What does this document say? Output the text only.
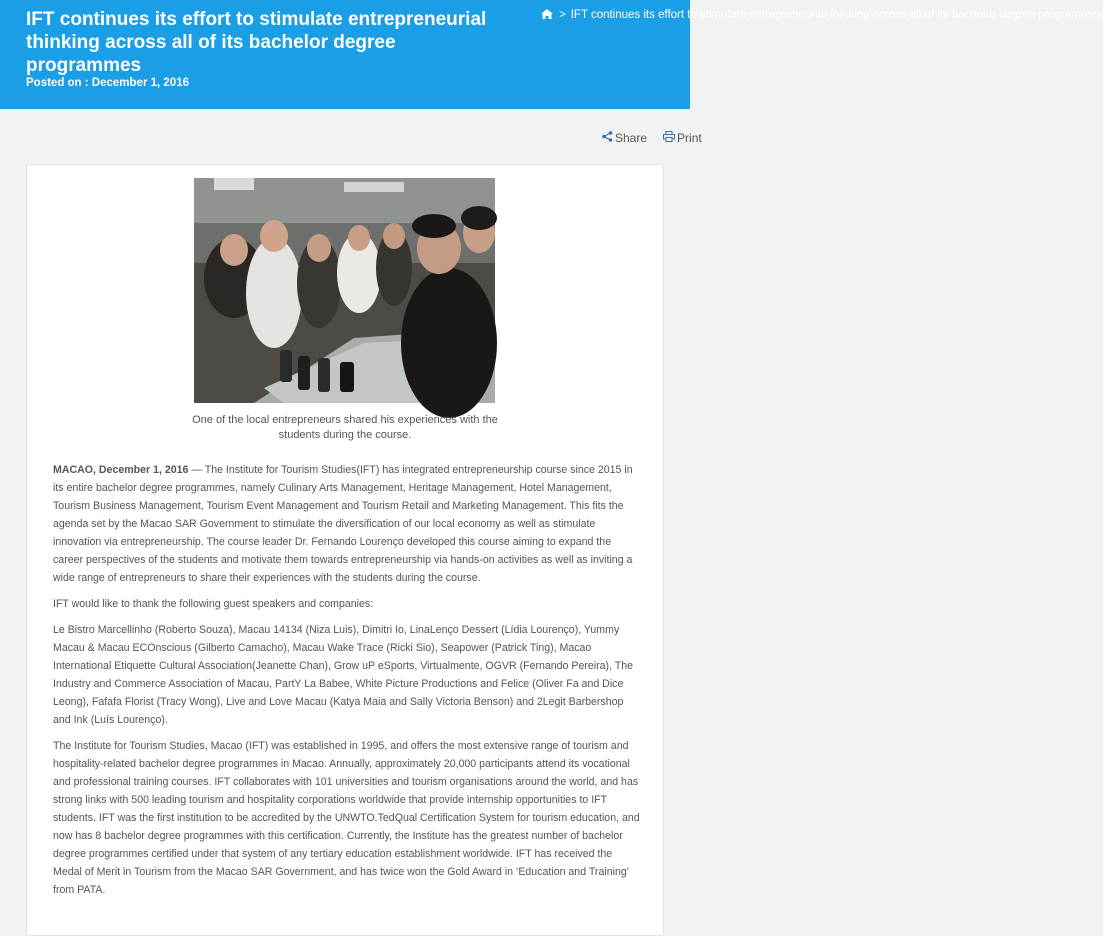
IFT continues its effort to stimulate entrepreneurial thinking across all of its bachelor degree programmes
Posted on : December 1, 2016
> IFT continues its effort to stimulate entrepreneurial thinking across all of its bachelor degree programmes
Share	Print
One of the local entrepreneurs shared his experiences with the students during the course.

MACAO, December 1, 2016 — The Institute for Tourism Studies(IFT) has integrated entrepreneurship course since 2015 in its entire bachelor degree programmes, namely Culinary Arts Management, Heritage Management, Hotel Management, Tourism Business Management, Tourism Event Management and Tourism Retail and Marketing Management. This fits the agenda set by the Macao SAR Government to stimulate the diversification of our local economy as well as stimulate innovation via entrepreneurship. The course leader Dr. Fernando Lourenço developed this course aiming to expand the career perspectives of the students and motivate them towards entrepreneurship via hands-on activities as well as inviting a wide range of entrepreneurs to share their experiences with the students during the course.

IFT would like to thank the following guest speakers and companies:

Le Bistro Marcellinho (Roberto Souza), Macau 14134 (Niza Luis), Dimitri Io, LinaLenço Dessert (Lídia Lourenço), Yummy Macau & Macau ECOnscious (Gilberto Camacho), Macau Wake Trace (Ricki Sio), Seapower (Patrick Ting), Macao International Etiquette Cultural Association(Jeanette Chan), Grow uP eSports, Virtualmente, OGVR (Fernando Pereira), The Industry and Commerce Association of Macau, PartY La Babee, White Picture Productions and Felice (Oliver Fa and Dice Leong), Fafafa Florist (Tracy Wong), Live and Love Macau (Katya Maia and Sally Victoria Benson) and 2Legit Barbershop and Ink (Luís Lourenço).

The Institute for Tourism Studies, Macao (IFT) was established in 1995, and offers the most extensive range of tourism and hospitality-related bachelor degree programmes in Macao. Annually, approximately 20,000 participants attend its vocational and professional training courses. IFT collaborates with 101 universities and tourism organisations around the world, and has strong links with 500 leading tourism and hospitality corporations worldwide that provide internship opportunities to IFT students. IFT was the first institution to be accredited by the UNWTO.TedQual Certification System for tourism education, and now has 8 bachelor degree programmes with this certification. Currently, the Institute has the greatest number of bachelor degree programmes certified under that system of any tertiary education establishment worldwide. IFT has received the Medal of Merit in Tourism from the Macao SAR Government, and has twice won the Gold Award in ‘Education and Training’ from PATA.
